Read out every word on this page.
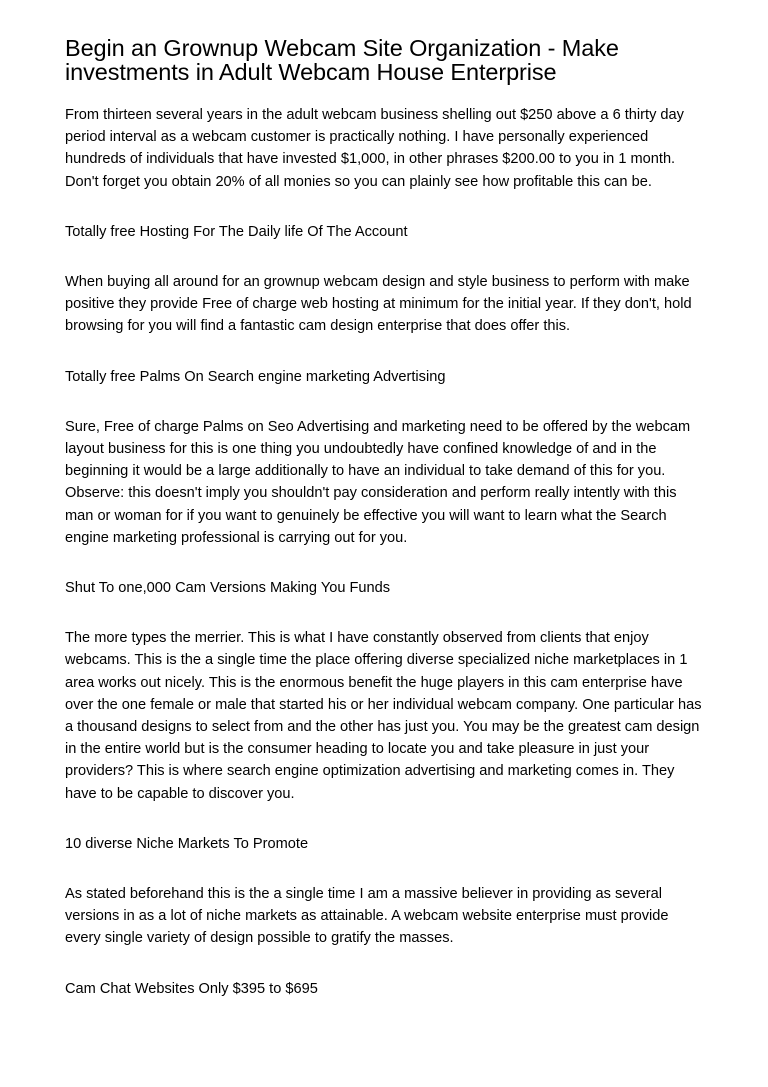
Begin an Grownup Webcam Site Organization - Make investments in Adult Webcam House Enterprise

From thirteen several years in the adult webcam business shelling out $250 above a 6 thirty day period interval as a webcam customer is practically nothing. I have personally experienced hundreds of individuals that have invested $1,000, in other phrases $200.00 to you in 1 month. Don't forget you obtain 20% of all monies so you can plainly see how profitable this can be.

Totally free Hosting For The Daily life Of The Account

When buying all around for an grownup webcam design and style business to perform with make positive they provide Free of charge web hosting at minimum for the initial year. If they don't, hold browsing for you will find a fantastic cam design enterprise that does offer this.

Totally free Palms On Search engine marketing Advertising

Sure, Free of charge Palms on Seo Advertising and marketing need to be offered by the webcam layout business for this is one thing you undoubtedly have confined knowledge of and in the beginning it would be a large additionally to have an individual to take demand of this for you. Observe: this doesn't imply you shouldn't pay consideration and perform really intently with this man or woman for if you want to genuinely be effective you will want to learn what the Search engine marketing professional is carrying out for you.

Shut To one,000 Cam Versions Making You Funds

The more types the merrier. This is what I have constantly observed from clients that enjoy webcams. This is the a single time the place offering diverse specialized niche marketplaces in 1 area works out nicely. This is the enormous benefit the huge players in this cam enterprise have over the one female or male that started his or her individual webcam company. One particular has a thousand designs to select from and the other has just you. You may be the greatest cam design in the entire world but is the consumer heading to locate you and take pleasure in just your providers? This is where search engine optimization advertising and marketing comes in. They have to be capable to discover you.

10 diverse Niche Markets To Promote

As stated beforehand this is the a single time I am a massive believer in providing as several versions in as a lot of niche markets as attainable. A webcam website enterprise must provide every single variety of design possible to gratify the masses.

Cam Chat Websites Only $395 to $695
